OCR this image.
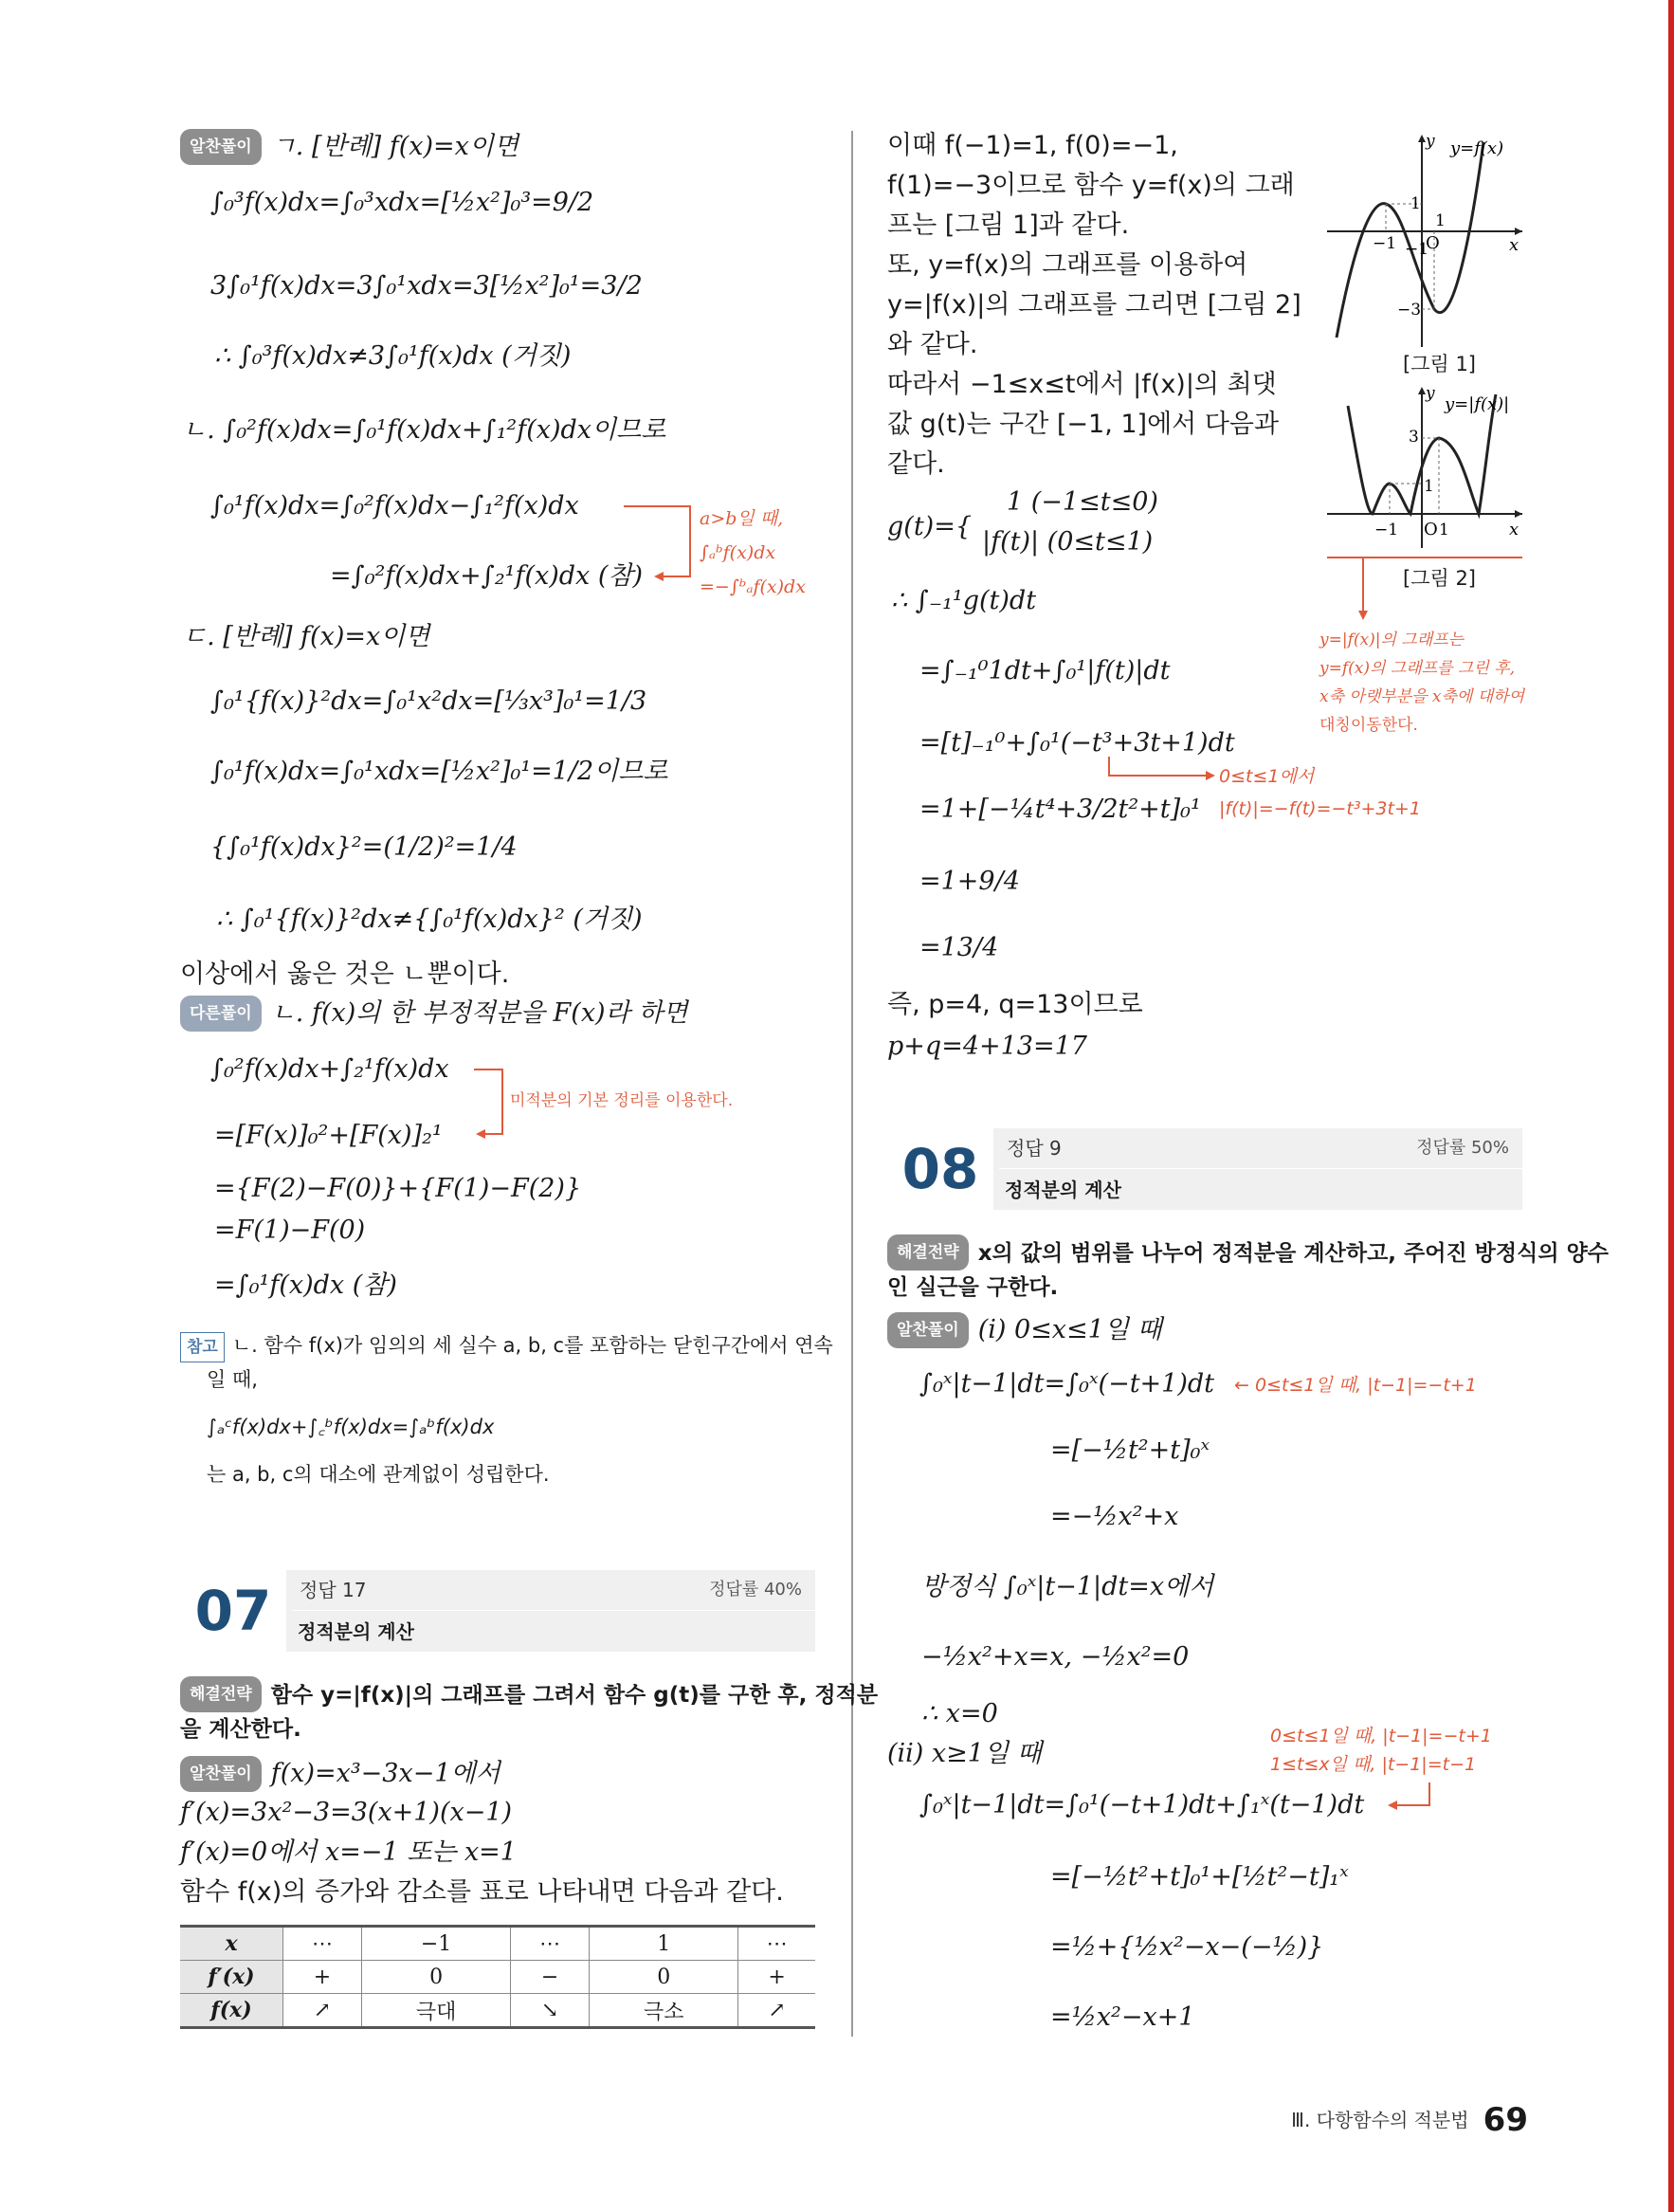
알찬풀이 ㄱ. [반례] f(x)=x이면
∫₀³f(x)dx=∫₀³xdx=[½x²]₀³=9/2
3∫₀¹f(x)dx=3∫₀¹xdx=3[½x²]₀¹=3/2
∴ ∫₀³f(x)dx≠3∫₀¹f(x)dx (거짓)
ㄴ. ∫₀²f(x)dx=∫₀¹f(x)dx+∫₁²f(x)dx이므로
∫₀¹f(x)dx=∫₀²f(x)dx−∫₁²f(x)dx
=∫₀²f(x)dx+∫₂¹f(x)dx (참)
ㄷ. [반례] f(x)=x이면
∫₀¹{f(x)}²dx=∫₀¹x²dx=[⅓x³]₀¹=1/3
∫₀¹f(x)dx=∫₀¹xdx=[½x²]₀¹=1/2이므로
{∫₀¹f(x)dx}²=(1/2)²=1/4
∴ ∫₀¹{f(x)}²dx≠{∫₀¹f(x)dx}² (거짓)
이상에서 옳은 것은 ㄴ뿐이다.
a>b일 때,
∫ₐᵇf(x)dx
=−∫ᵇₐf(x)dx
다른풀이 ㄴ. f(x)의 한 부정적분을 F(x)라 하면
∫₀²f(x)dx+∫₂¹f(x)dx
=[F(x)]₀²+[F(x)]₂¹
={F(2)−F(0)}+{F(1)−F(2)}
=F(1)−F(0)
=∫₀¹f(x)dx (참)
미적분의 기본 정리를 이용한다.
참고 ㄴ. 함수 f(x)가 임의의 세 실수 a, b, c를 포함하는 닫힌구간에서 연속
일 때,
∫ₐᶜf(x)dx+∫꜀ᵇf(x)dx=∫ₐᵇf(x)dx
는 a, b, c의 대소에 관계없이 성립한다.
07	정답 17	정답률 40%
정적분의 계산
해결전략 함수 y=|f(x)|의 그래프를 그려서 함수 g(t)를 구한 후, 정적분
을 계산한다.
알찬풀이 f(x)=x³−3x−1에서
f′(x)=3x²−3=3(x+1)(x−1)
f′(x)=0에서 x=−1 또는 x=1
함수 f(x)의 증가와 감소를 표로 나타내면 다음과 같다.
x	⋯	−1	⋯	1	⋯
f′(x)	+	0	−	0	+
f(x)	↗	극대	↘	극소	↗
이때 f(−1)=1, f(0)=−1,
f(1)=−3이므로 함수 y=f(x)의 그래
프는 [그림 1]과 같다.
또, y=f(x)의 그래프를 이용하여
y=|f(x)|의 그래프를 그리면 [그림 2]
와 같다.
따라서 −1≤x≤t에서 |f(x)|의 최댓
값 g(t)는 구간 [−1, 1]에서 다음과
같다.
g(t)={
1 (−1≤t≤0)
|f(t)| (0≤t≤1)
∴ ∫₋₁¹g(t)dt
=∫₋₁⁰1dt+∫₀¹|f(t)|dt
=[t]₋₁⁰+∫₀¹(−t³+3t+1)dt
=1+[−¼t⁴+3/2t²+t]₀¹
=1+9/4
=13/4
즉, p=4, q=13이므로
p+q=4+13=17
0≤t≤1에서
|f(t)|=−f(t)=−t³+3t+1
y y=f(x)
x
O
1
−1
1
−1
−3
[그림 1]
y
y=|f(x)|
x
O
3
1
−1	1
[그림 2]
y=|f(x)|의 그래프는
y=f(x)의 그래프를 그린 후,
x축 아랫부분을 x축에 대하여
대칭이동한다.
08	정답 9	정답률 50%
정적분의 계산
해결전략 x의 값의 범위를 나누어 정적분을 계산하고, 주어진 방정식의 양수
인 실근을 구한다.
알찬풀이 (i) 0≤x≤1일 때
∫₀ˣ|t−1|dt=∫₀ˣ(−t+1)dt ← 0≤t≤1일 때, |t−1|=−t+1
=[−½t²+t]₀ˣ
=−½x²+x
방정식 ∫₀ˣ|t−1|dt=x에서
−½x²+x=x, −½x²=0
∴ x=0
(ii) x≥1일 때
0≤t≤1일 때, |t−1|=−t+1
1≤t≤x일 때, |t−1|=t−1
∫₀ˣ|t−1|dt=∫₀¹(−t+1)dt+∫₁ˣ(t−1)dt
=[−½t²+t]₀¹+[½t²−t]₁ˣ
=½+{½x²−x−(−½)}
=½x²−x+1
Ⅲ. 다항함수의 적분법 69
